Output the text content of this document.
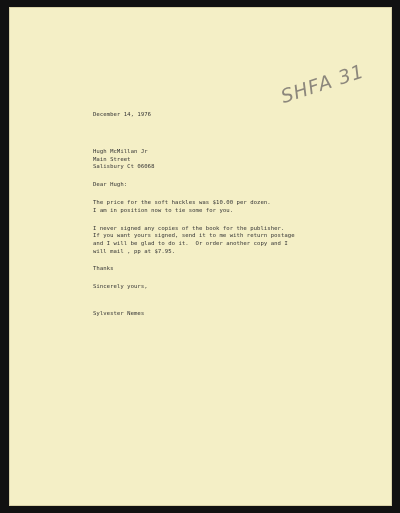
SHFA 31
December 14, 1976
Hugh McMillan Jr
Main Street
Salisbury Ct 06068
Dear Hugh:
The price for the soft hackles was $10.00 per dozen.
I am in position now to tie some for you.
I never signed any copies of the book for the publisher.
If you want yours signed, send it to me with return postage
and I will be glad to do it.  Or order another copy and I
will mail , pp at $7.95.
Thanks
Sincerely yours,
Sylvester Nemes
